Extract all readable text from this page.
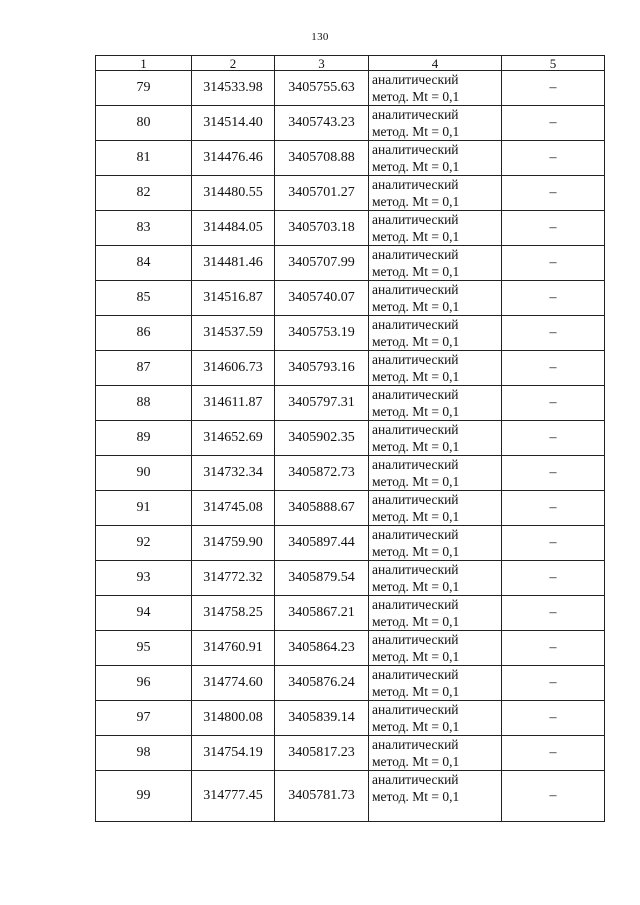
130
1	2	3	4	5
79	314533.98	3405755.63	аналитический
метод. Mt = 0,1	–
80	314514.40	3405743.23	аналитический
метод. Mt = 0,1	–
81	314476.46	3405708.88	аналитический
метод. Mt = 0,1	–
82	314480.55	3405701.27	аналитический
метод. Mt = 0,1	–
83	314484.05	3405703.18	аналитический
метод. Mt = 0,1	–
84	314481.46	3405707.99	аналитический
метод. Mt = 0,1	–
85	314516.87	3405740.07	аналитический
метод. Mt = 0,1	–
86	314537.59	3405753.19	аналитический
метод. Mt = 0,1	–
87	314606.73	3405793.16	аналитический
метод. Mt = 0,1	–
88	314611.87	3405797.31	аналитический
метод. Mt = 0,1	–
89	314652.69	3405902.35	аналитический
метод. Mt = 0,1	–
90	314732.34	3405872.73	аналитический
метод. Mt = 0,1	–
91	314745.08	3405888.67	аналитический
метод. Mt = 0,1	–
92	314759.90	3405897.44	аналитический
метод. Mt = 0,1	–
93	314772.32	3405879.54	аналитический
метод. Mt = 0,1	–
94	314758.25	3405867.21	аналитический
метод. Mt = 0,1	–
95	314760.91	3405864.23	аналитический
метод. Mt = 0,1	–
96	314774.60	3405876.24	аналитический
метод. Mt = 0,1	–
97	314800.08	3405839.14	аналитический
метод. Mt = 0,1	–
98	314754.19	3405817.23	аналитический
метод. Mt = 0,1	–
99	314777.45	3405781.73	аналитический
метод. Mt = 0,1	–
